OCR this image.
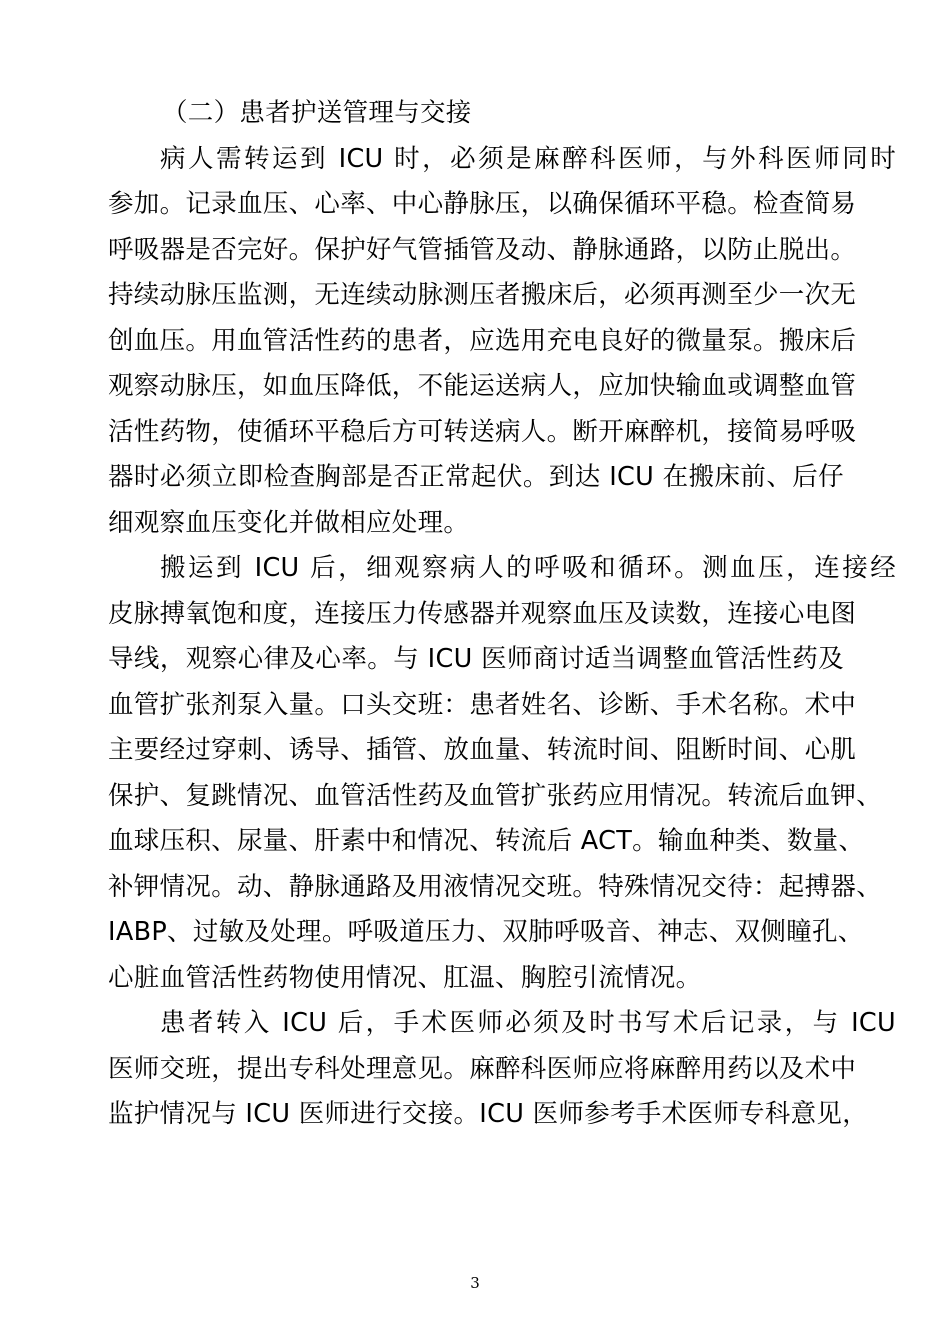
（二）患者护送管理与交接
病人需转运到 ICU 时，必须是麻醉科医师，与外科医师同时
参加。记录血压、心率、中心静脉压，以确保循环平稳。检查简易
呼吸器是否完好。保护好气管插管及动、静脉通路，以防止脱出。
持续动脉压监测，无连续动脉测压者搬床后，必须再测至少一次无
创血压。用血管活性药的患者，应选用充电良好的微量泵。搬床后
观察动脉压，如血压降低，不能运送病人，应加快输血或调整血管
活性药物，使循环平稳后方可转送病人。断开麻醉机，接简易呼吸
器时必须立即检查胸部是否正常起伏。到达 ICU 在搬床前、后仔
细观察血压变化并做相应处理。
搬运到 ICU 后，细观察病人的呼吸和循环。测血压，连接经
皮脉搏氧饱和度，连接压力传感器并观察血压及读数，连接心电图
导线，观察心律及心率。与 ICU 医师商讨适当调整血管活性药及
血管扩张剂泵入量。口头交班：患者姓名、诊断、手术名称。术中
主要经过穿刺、诱导、插管、放血量、转流时间、阻断时间、心肌
保护、复跳情况、血管活性药及血管扩张药应用情况。转流后血钾、
血球压积、尿量、肝素中和情况、转流后 ACT。输血种类、数量、
补钾情况。动、静脉通路及用液情况交班。特殊情况交待：起搏器、
IABP、过敏及处理。呼吸道压力、双肺呼吸音、神志、双侧瞳孔、
心脏血管活性药物使用情况、肛温、胸腔引流情况。
患者转入 ICU 后，手术医师必须及时书写术后记录，与 ICU
医师交班，提出专科处理意见。麻醉科医师应将麻醉用药以及术中
监护情况与 ICU 医师进行交接。ICU 医师参考手术医师专科意见，
3
